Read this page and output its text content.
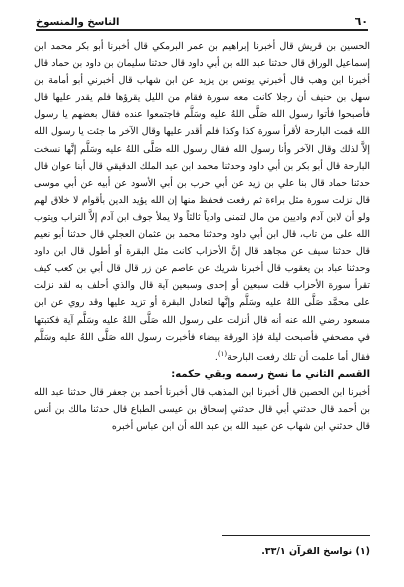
٦٠
الناسخ والمنسوخ

الحسين بن قريش قال أخبرنا إبراهيم بن عمر البرمكي قال أخبرنا أبو بكر محمد ابن إسماعيل الوراق قال حدثنا عبد الله بن أبي داود قال حدثنا سليمان بن داود بن حماد قال أخبرنا ابن وهب قال أخبرني يونس بن يزيد عن ابن شهاب قال أخبرني أبو أمامة بن سهل بن حنيف أن رجلا كانت معه سورة فقام من الليل يقرؤها فلم يقدر عليها قال فأصبحوا فأتوا رسول الله صَلَّى اللهُ عليه وسَلَّم فاجتمعوا عنده فقال بعضهم يا رسول الله قمت البارحة لأقرأ سورة كذا وكذا فلم أقدر عليها وقال الآخر ما جئت يا رسول الله إلاَّ لذلك وقال الآخر وأنا رسول الله فقال رسول الله صَلَّى اللهُ عليه وسَلَّم إنَّها نسخت البارحة قال أبو بكر بن أبي داود وحدثنا محمد ابن عبد الملك الدقيقي قال أبنا عوان قال حدثنا حماد قال بنا علي بن زيد عن أبي حرب بن أبي الأسود عن أبيه عن أبي موسى قال نزلت سورة مثل براءة ثم رفعت فحفظ منها إن الله يؤيد الدين بأقوام لا خلاق لهم ولو أن لابن آدم واديين من مال لتمنى وادياً ثالثاً ولا يملأ جوف ابن آدم إلاَّ التراب ويتوب الله على من تاب، قال ابن أبي داود وحدثنا محمد بن عثمان العجلي قال حدثنا أبو نعيم قال حدثنا سيف عن مجاهد قال إنَّ الأحزاب كانت مثل البقرة أو أطول قال ابن داود وحدثنا عباد بن يعقوب قال أخبرنا شريك عن عاصم عن زر قال قال أبي بن كعب كيف تقرأ سورة الأحزاب قلت سبعين أو إحدى وسبعين آية قال والذي أحلف به لقد نزلت على محمَّد صَلَّى اللهُ عليه وسَلَّم وإنَّها لتعادل البقرة أو تزيد عليها وقد روي عن ابن مسعود رضي الله عنه أنه قال أنزلت على رسول الله صَلَّى اللهُ عليه وسَلَّم آية فكتبتها في مصحفي فأصبحت ليلة فإذ الورقة بيضاء فأخبرت رسول الله صَلَّى اللهُ عليه وسَلَّم فقال أما علمت أن تلك رفعت البارحة$^{(١)}$.

القسم الثاني ما نسخ رسمه وبقي حكمه:

أخبرنا ابن الحصين قال أخبرنا ابن المذهب قال أخبرنا أحمد بن جعفر قال حدثنا عبد الله بن أحمد قال حدثني أبي قال حدثني إسحاق بن عيسى الطباع قال حدثنا مالك بن أنس قال حدثني ابن شهاب عن عبيد الله بن عبد الله أن ابن عباس أخبره

(١) نواسخ القرآن ٣٣/١.
